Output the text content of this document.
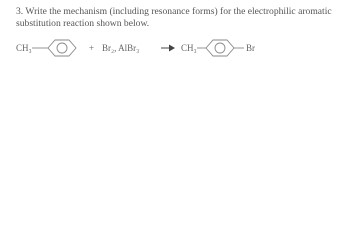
3. Write the mechanism (including resonance forms) for the electrophilic aromatic
substitution reaction shown below.
CH₃	+ Br₂, AlBr₃	CH₃	Br
